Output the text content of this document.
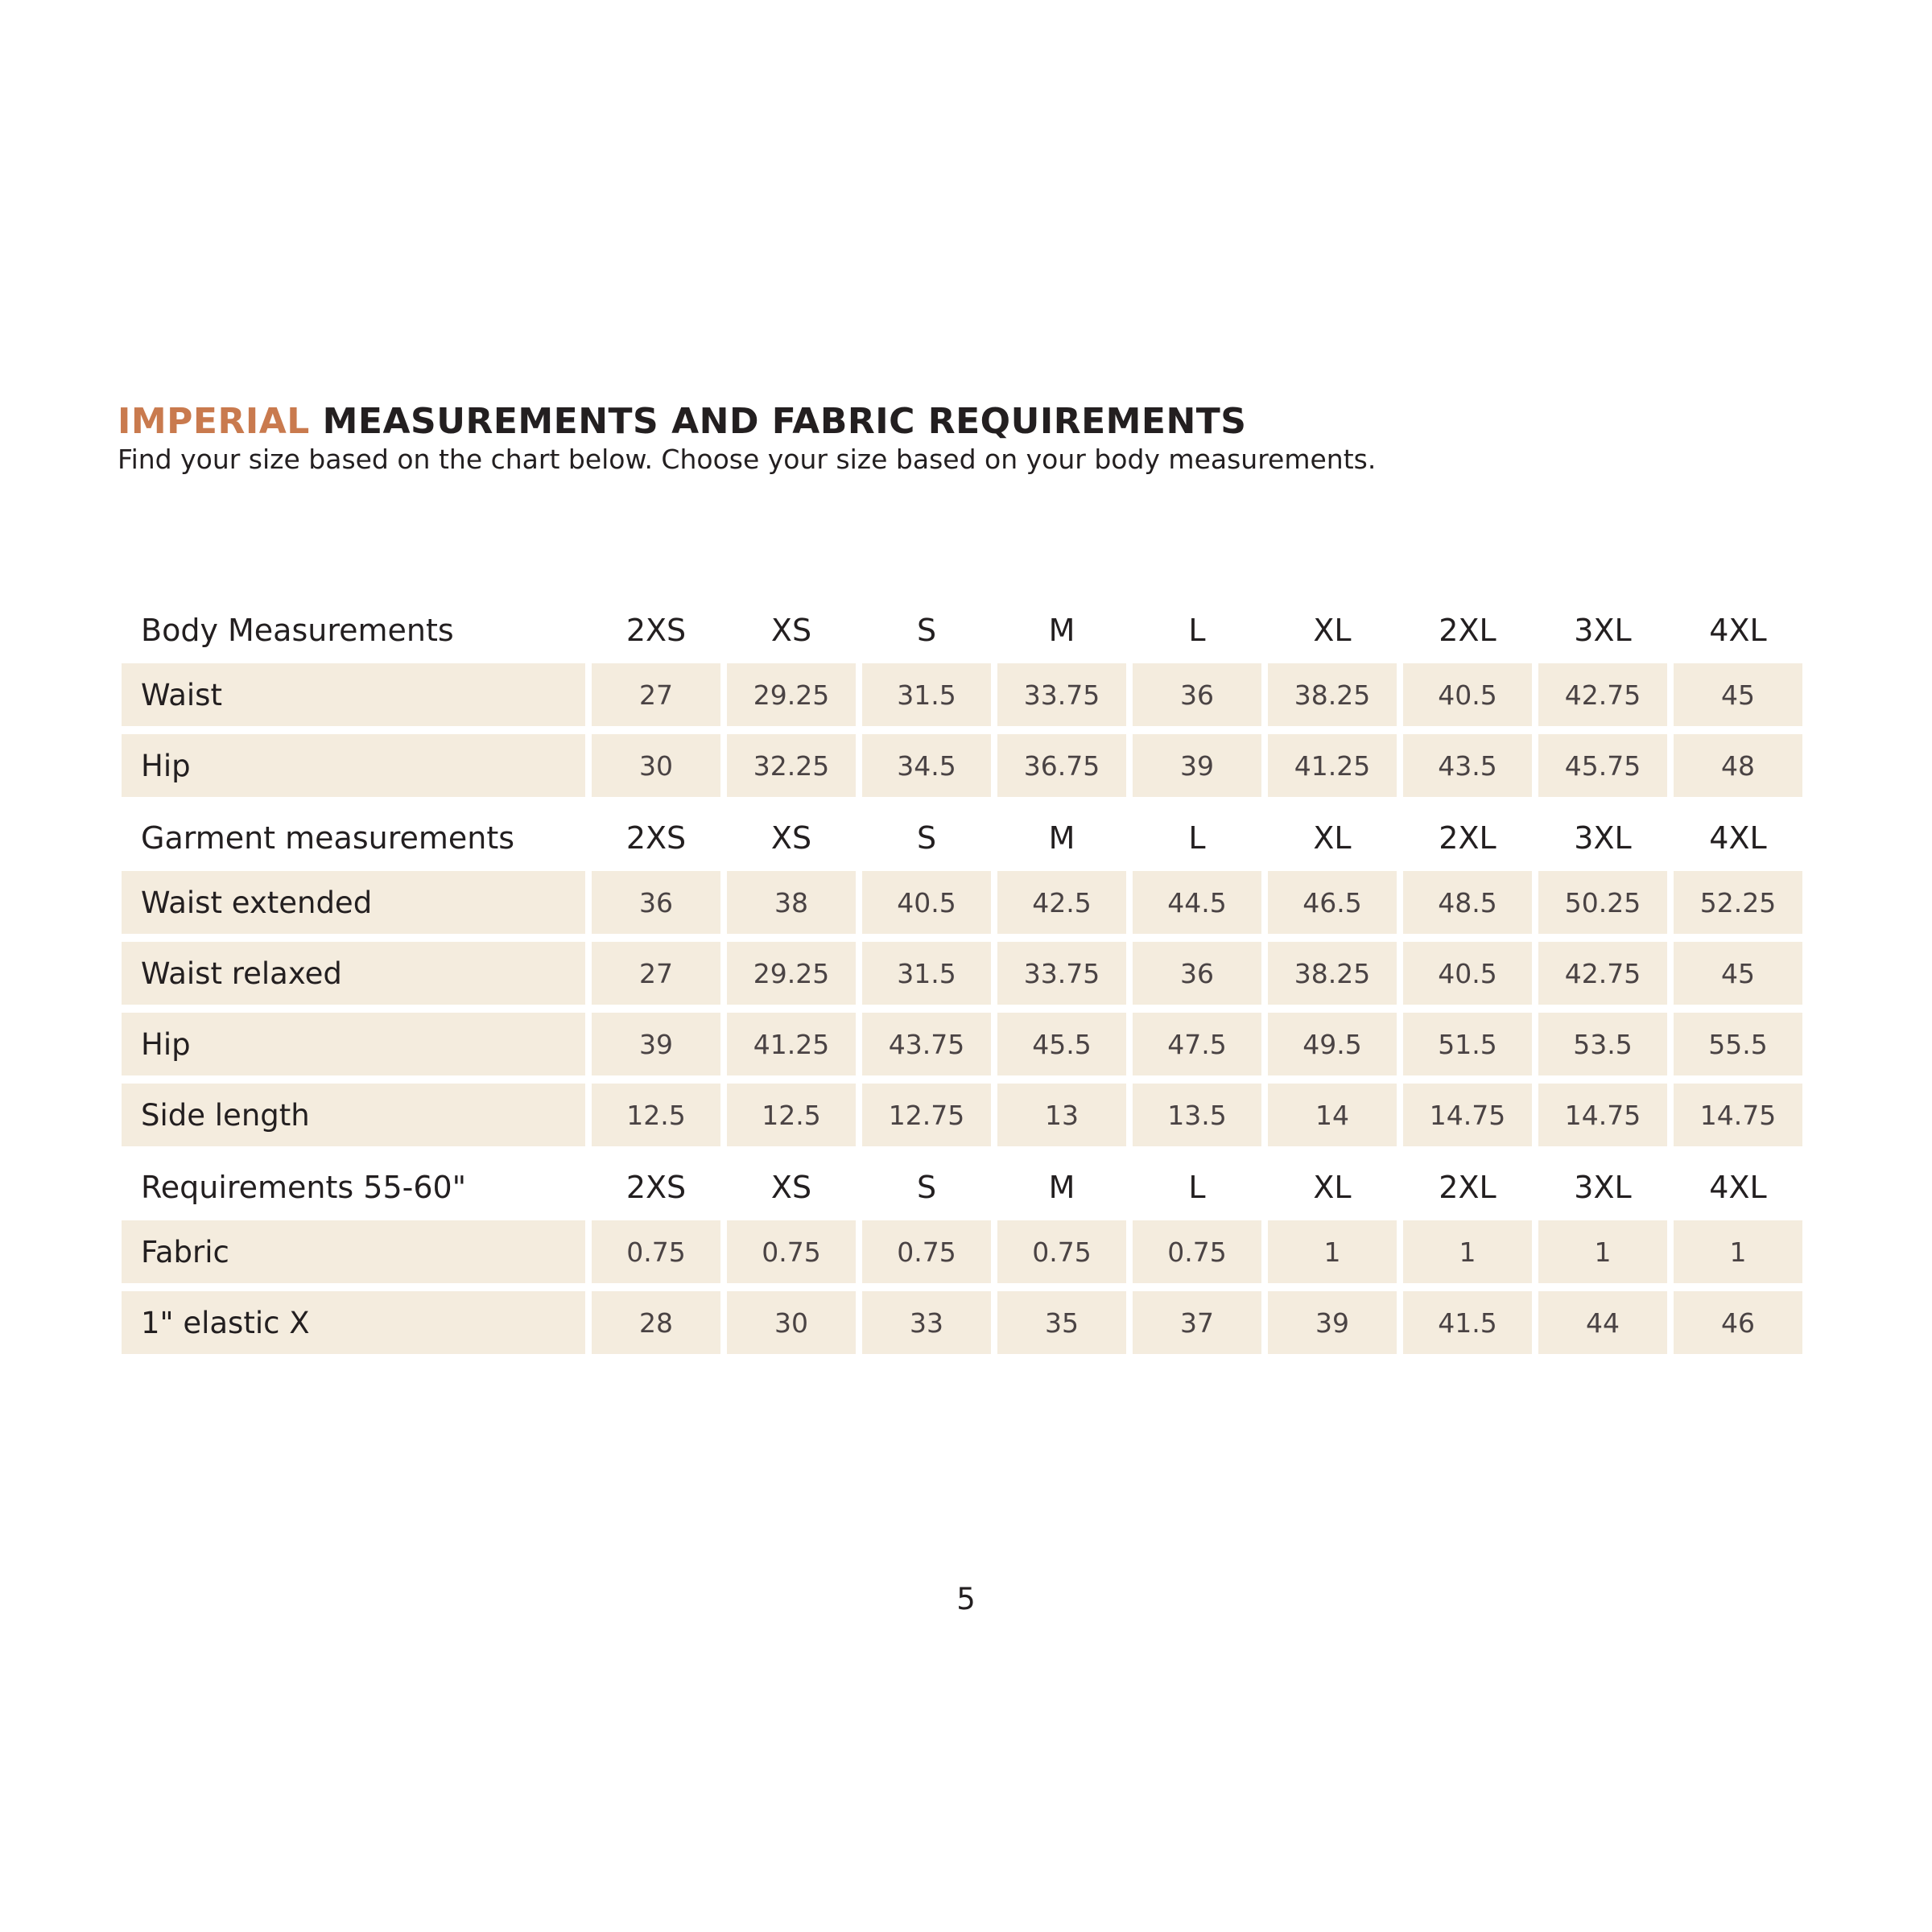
IMPERIAL MEASUREMENTS AND FABRIC REQUIREMENTS

Find your size based on the chart below. Choose your size based on your body measurements.

Body Measurements	2XS	XS	S	M	L	XL	2XL	3XL	4XL
Waist	27	29.25	31.5	33.75	36	38.25	40.5	42.75	45
Hip	30	32.25	34.5	36.75	39	41.25	43.5	45.75	48
Garment measurements	2XS	XS	S	M	L	XL	2XL	3XL	4XL
Waist extended	36	38	40.5	42.5	44.5	46.5	48.5	50.25	52.25
Waist relaxed	27	29.25	31.5	33.75	36	38.25	40.5	42.75	45
Hip	39	41.25	43.75	45.5	47.5	49.5	51.5	53.5	55.5
Side length	12.5	12.5	12.75	13	13.5	14	14.75	14.75	14.75
Requirements 55-60"	2XS	XS	S	M	L	XL	2XL	3XL	4XL
Fabric	0.75	0.75	0.75	0.75	0.75	1	1	1	1
1" elastic X	28	30	33	35	37	39	41.5	44	46
5
